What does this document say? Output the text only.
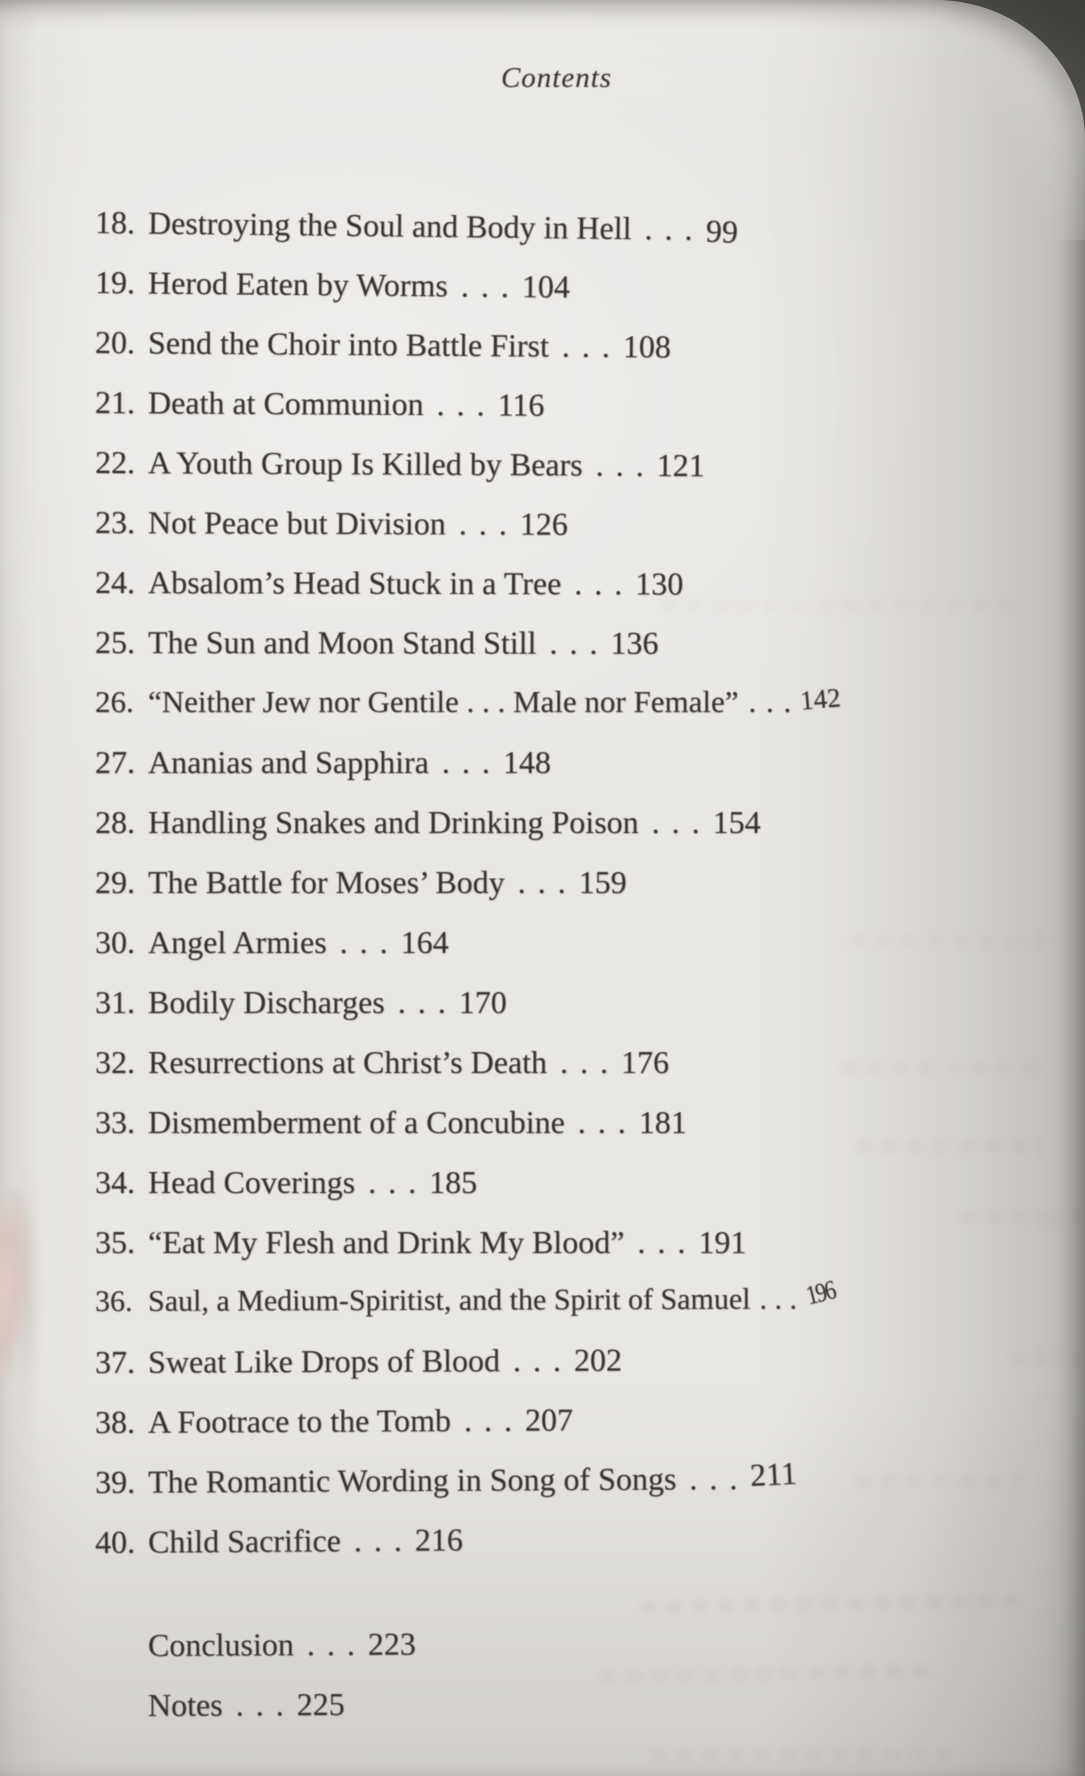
Contents
18. Destroying the Soul and Body in Hell . . . 99
19. Herod Eaten by Worms . . . 104
20. Send the Choir into Battle First . . . 108
21. Death at Communion . . . 116
22. A Youth Group Is Killed by Bears . . . 121
23. Not Peace but Division . . . 126
24. Absalom’s Head Stuck in a Tree . . . 130
25. The Sun and Moon Stand Still . . . 136
26. “Neither Jew nor Gentile . . . Male nor Female” . . . 142
27. Ananias and Sapphira . . . 148
28. Handling Snakes and Drinking Poison . . . 154
29. The Battle for Moses’ Body . . . 159
30. Angel Armies . . . 164
31. Bodily Discharges . . . 170
32. Resurrections at Christ’s Death . . . 176
33. Dismemberment of a Concubine . . . 181
34. Head Coverings . . . 185
35. “Eat My Flesh and Drink My Blood” . . . 191
36. Saul, a Medium-Spiritist, and the Spirit of Samuel . . . 196
37. Sweat Like Drops of Blood . . . 202
38. A Footrace to the Tomb . . . 207
39. The Romantic Wording in Song of Songs . . . 211
40. Child Sacrifice . . . 216
Conclusion . . . 223
Notes . . . 225
